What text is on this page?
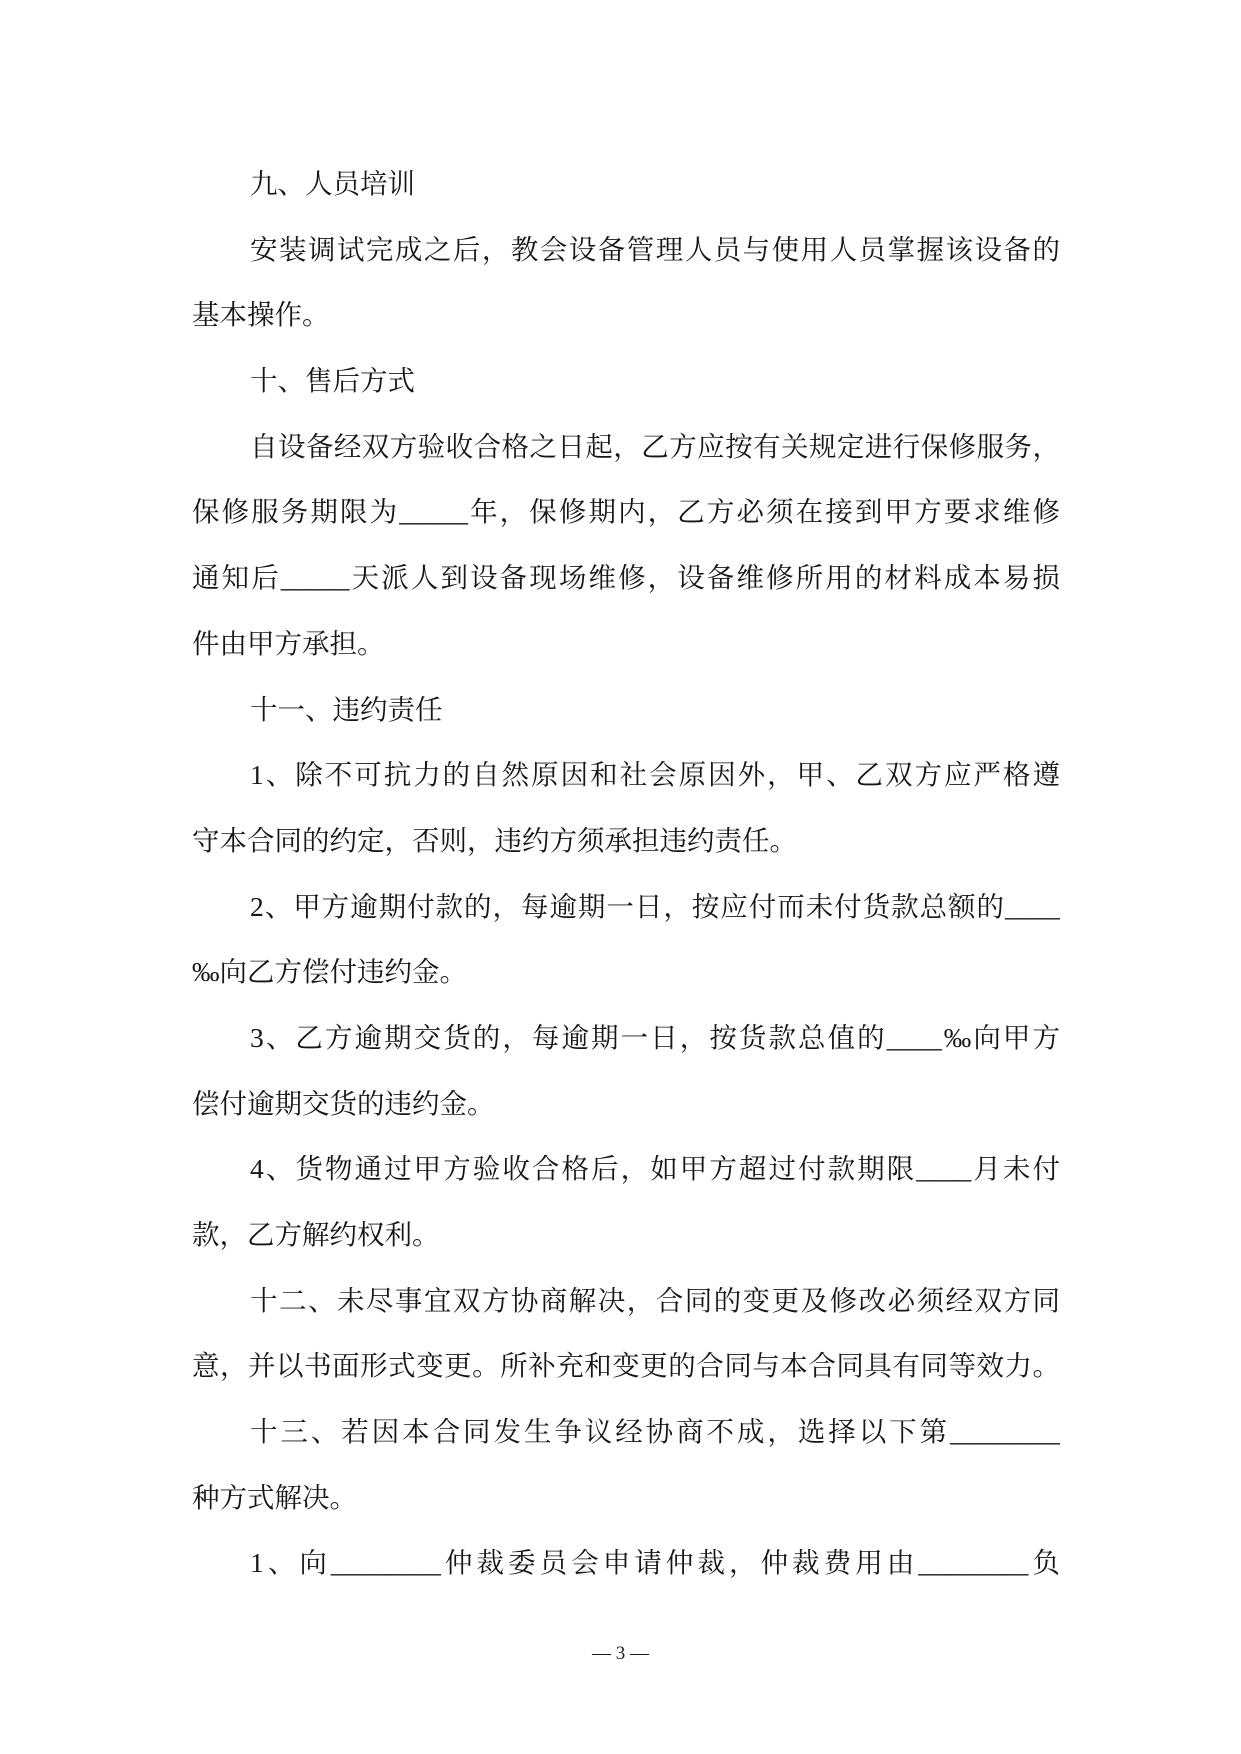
九、人员培训
安装调试完成之后，教会设备管理人员与使用人员掌握该设备的
基本操作。
十、售后方式
自设备经双方验收合格之日起，乙方应按有关规定进行保修服务，
保修服务期限为_____年，保修期内，乙方必须在接到甲方要求维修
通知后_____天派人到设备现场维修，设备维修所用的材料成本易损
件由甲方承担。
十一、违约责任
1、除不可抗力的自然原因和社会原因外，甲、乙双方应严格遵
守本合同的约定，否则，违约方须承担违约责任。
2、甲方逾期付款的，每逾期一日，按应付而未付货款总额的____
‰向乙方偿付违约金。
3、乙方逾期交货的，每逾期一日，按货款总值的____‰向甲方
偿付逾期交货的违约金。
4、货物通过甲方验收合格后，如甲方超过付款期限____月未付
款，乙方解约权利。
十二、未尽事宜双方协商解决，合同的变更及修改必须经双方同
意，并以书面形式变更。所补充和变更的合同与本合同具有同等效力。
十三、若因本合同发生争议经协商不成，选择以下第________
种方式解决。
1、向________仲裁委员会申请仲裁，仲裁费用由________负
— 3 —
